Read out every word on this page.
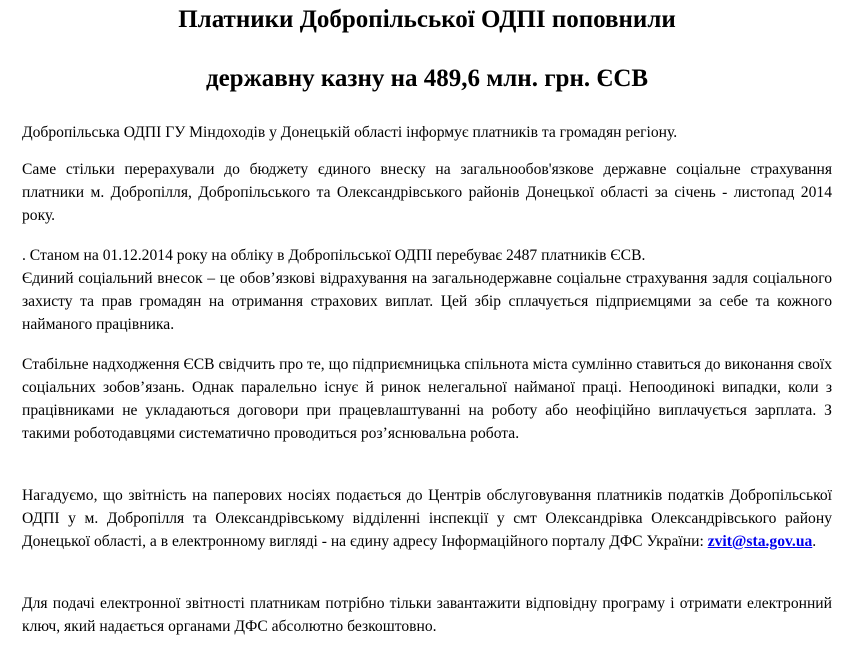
Платники Добропільської ОДПІ поповнили
державну казну на 489,6 млн. грн. ЄСВ

Добропільська ОДПІ ГУ Міндоходів у Донецькій області інформує платників та громадян регіону.

Саме стільки перерахували до бюджету єдиного внеску на загальнообов'язкове державне соціальне страхування платники м. Добропілля, Добропільського та Олександрівського районів Донецької області за січень - листопад 2014 року.

. Станом на 01.12.2014 року на обліку в Добропільської ОДПІ перебуває 2487 платників ЄСВ.
Єдиний соціальний внесок – це обов’язкові відрахування на загальнодержавне соціальне страхування задля соціального захисту та прав громадян на отримання страхових виплат. Цей збір сплачується підприємцями за себе та кожного найманого працівника.

Стабільне надходження ЄСВ свідчить про те, що підприємницька спільнота міста сумлінно ставиться до виконання своїх соціальних зобов’язань. Однак паралельно існує й ринок нелегальної найманої праці. Непоодинокі випадки, коли з працівниками не укладаються договори при працевлаштуванні на роботу або неофіційно виплачується зарплата. З такими роботодавцями систематично проводиться роз’яснювальна робота.

Нагадуємо, що звітність на паперових носіях подається до Центрів обслуговування платників податків Добропільської ОДПІ у м. Добропілля та Олександрівському відділенні інспекції у смт Олександрівка Олександрівського району Донецької області, а в електронному вигляді - на єдину адресу Інформаційного порталу ДФС України: zvit@sta.gov.ua.

Для подачі електронної звітності платникам потрібно тільки завантажити відповідну програму і отримати електронний ключ, який надається органами ДФС абсолютно безкоштовно.
